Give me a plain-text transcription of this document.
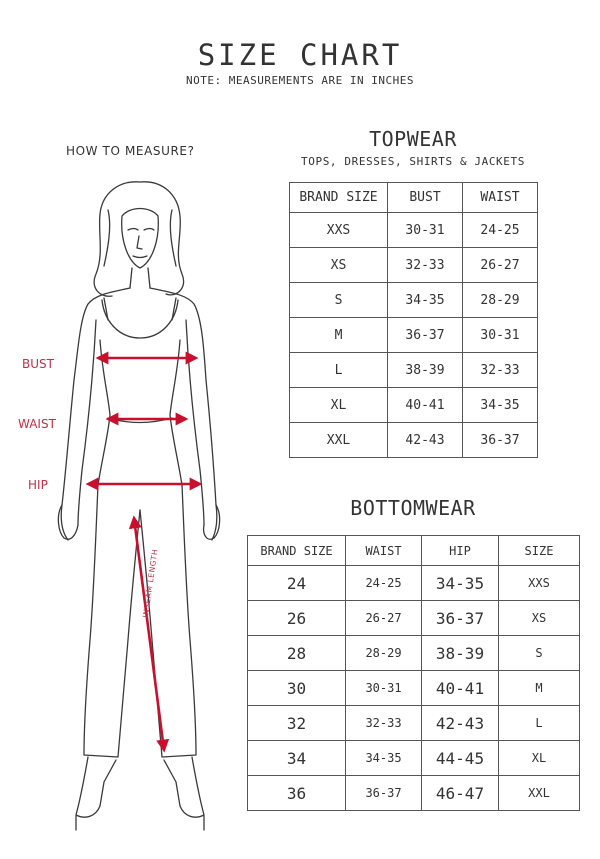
SIZE CHART
NOTE: MEASUREMENTS ARE IN INCHES
HOW TO MEASURE?
BUST
WAIST
HIP
INSEAM LENGTH
TOPWEAR
TOPS, DRESSES, SHIRTS & JACKETS
BRAND SIZE	BUST	WAIST
XXS	30-31	24-25
XS	32-33	26-27
S	34-35	28-29
M	36-37	30-31
L	38-39	32-33
XL	40-41	34-35
XXL	42-43	36-37
BOTTOMWEAR
BRAND SIZE	WAIST	HIP	SIZE
24	24-25	34-35	XXS
26	26-27	36-37	XS
28	28-29	38-39	S
30	30-31	40-41	M
32	32-33	42-43	L
34	34-35	44-45	XL
36	36-37	46-47	XXL
